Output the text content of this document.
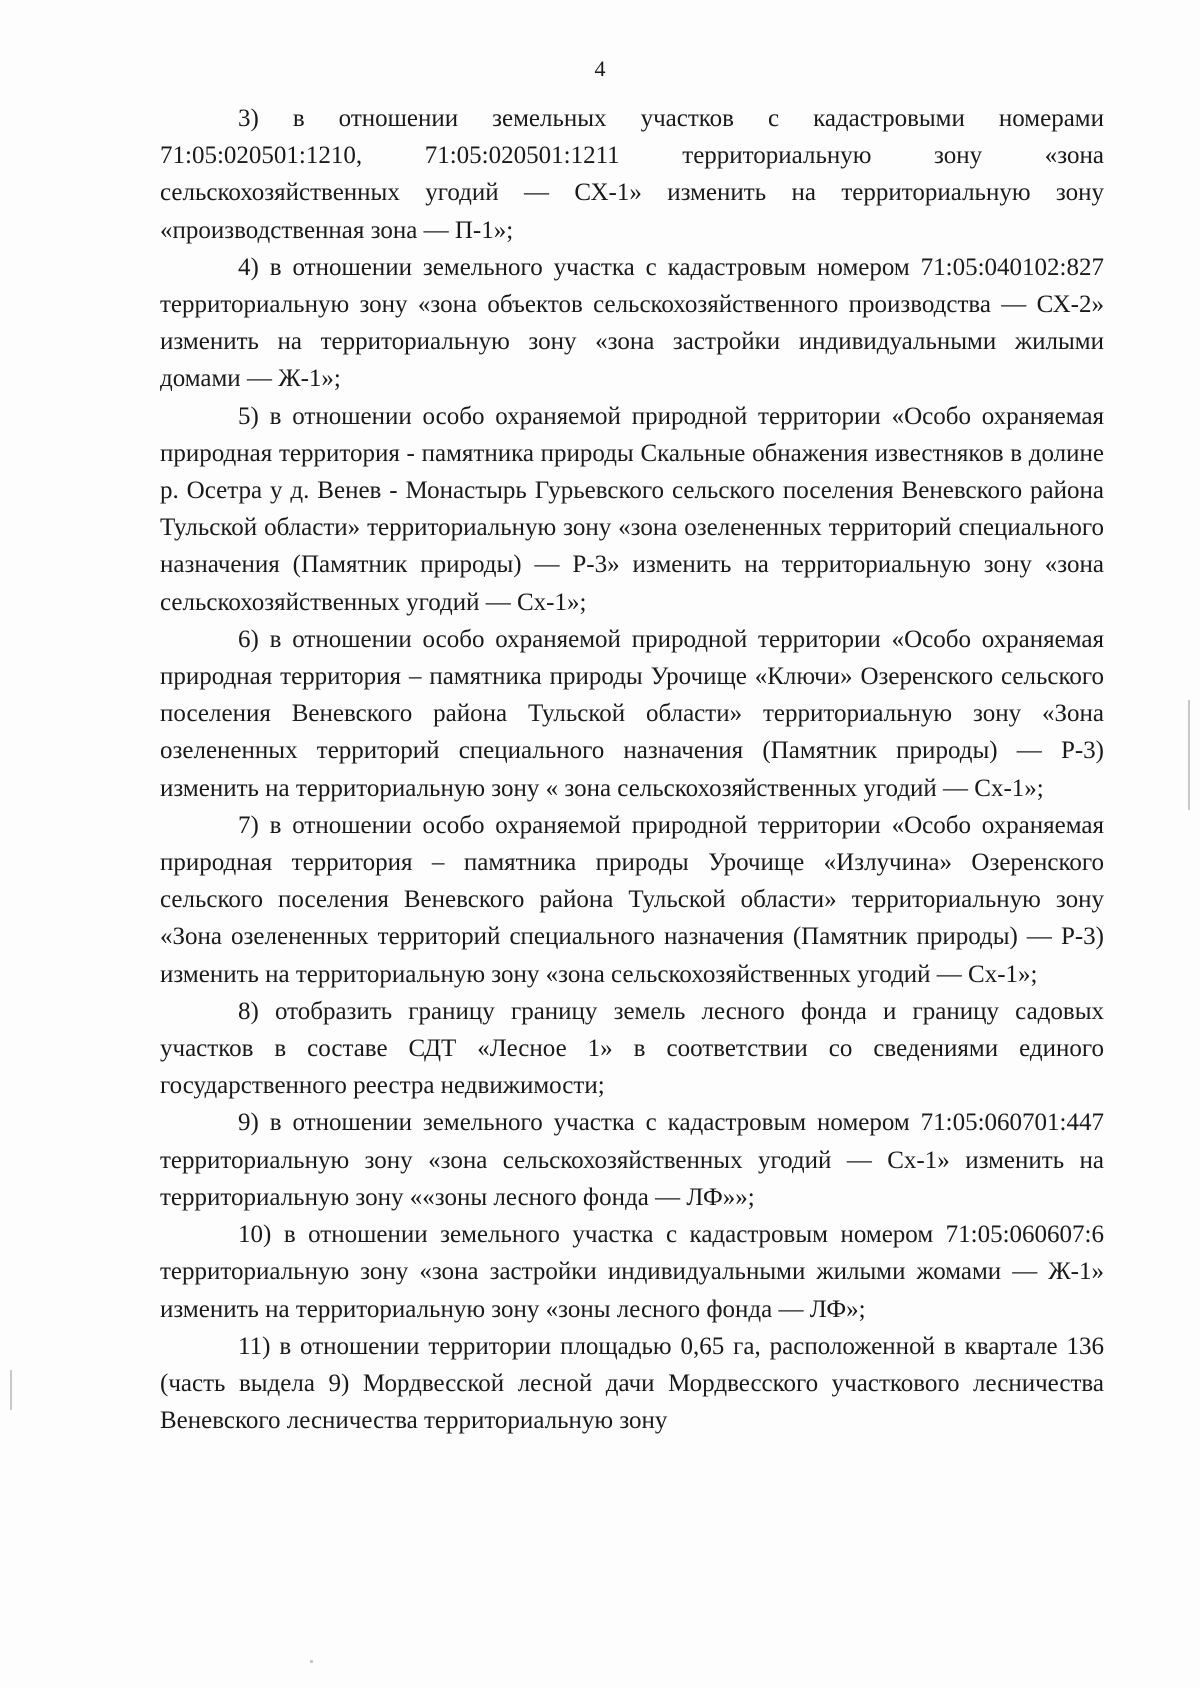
4

3) в отношении земельных участков с кадастровыми номерами 71:05:020501:1210, 71:05:020501:1211 территориальную зону «зона сельскохозяйственных угодий — СХ-1» изменить на территориальную зону «производственная зона — П-1»;

4) в отношении земельного участка с кадастровым номером 71:05:040102:827 территориальную зону «зона объектов сельскохозяйственного производства — СХ-2» изменить на территориальную зону «зона застройки индивидуальными жилыми домами — Ж-1»;

5) в отношении особо охраняемой природной территории «Особо охраняемая природная территория - памятника природы Скальные обнажения известняков в долине р. Осетра у д. Венев - Монастырь Гурьевского сельского поселения Веневского района Тульской области» территориальную зону «зона озелененных территорий специального назначения (Памятник природы) — Р-3» изменить на территориальную зону «зона сельскохозяйственных угодий — Сх-1»;

6) в отношении особо охраняемой природной территории «Особо охраняемая природная территория – памятника природы Урочище «Ключи» Озеренского сельского поселения Веневского района Тульской области» территориальную зону «Зона озелененных территорий специального назначения (Памятник природы) — Р-3) изменить на территориальную зону « зона сельскохозяйственных угодий — Сх-1»;

7) в отношении особо охраняемой природной территории «Особо охраняемая природная территория – памятника природы Урочище «Излучина» Озеренского сельского поселения Веневского района Тульской области» территориальную зону «Зона озелененных территорий специального назначения (Памятник природы) — Р-3) изменить на территориальную зону «зона сельскохозяйственных угодий — Сх-1»;

8) отобразить границу границу земель лесного фонда и границу садовых участков в составе СДТ «Лесное 1» в соответствии со сведениями единого государственного реестра недвижимости;

9) в отношении земельного участка с кадастровым номером 71:05:060701:447 территориальную зону «зона сельскохозяйственных угодий — Сх-1» изменить на территориальную зону ««зоны лесного фонда — ЛФ»»;

10) в отношении земельного участка с кадастровым номером 71:05:060607:6 территориальную зону «зона застройки индивидуальными жилыми жомами — Ж-1» изменить на территориальную зону «зоны лесного фонда — ЛФ»;

11) в отношении территории площадью 0,65 га, расположенной в квартале 136 (часть выдела 9) Мордвесской лесной дачи Мордвесского участкового лесничества Веневского лесничества территориальную зону
